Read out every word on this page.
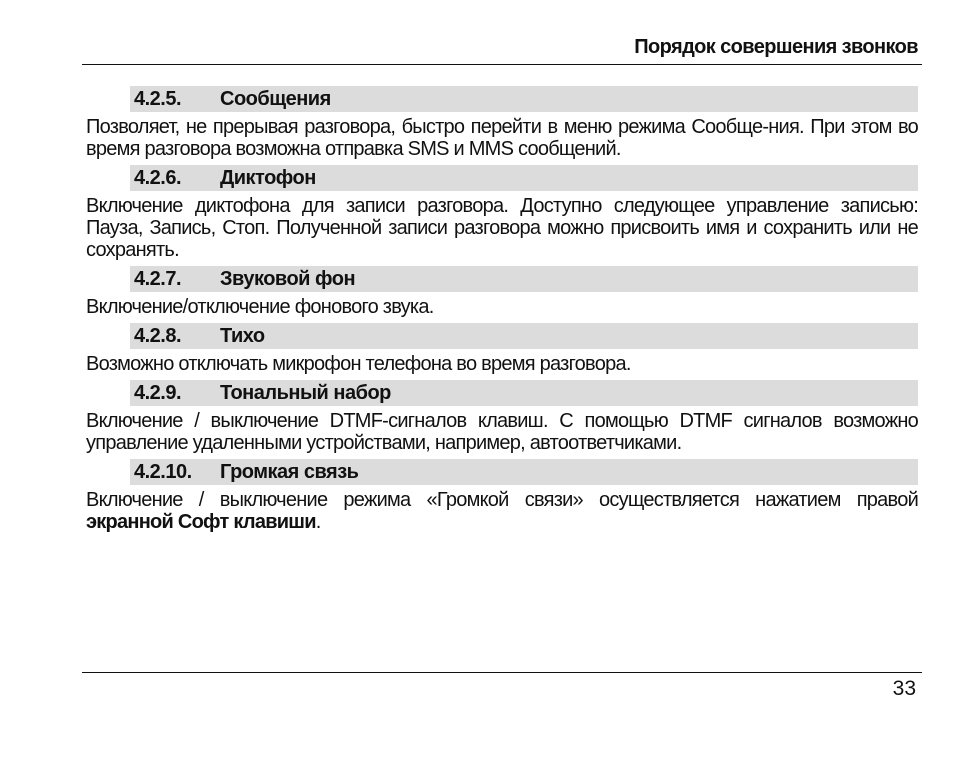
Порядок совершения звонков
4.2.5. Сообщения

Позволяет, не прерывая разговора, быстро перейти в меню режима Сообще-ния. При этом во время разговора возможна отправка SMS и MMS сообщений.

4.2.6. Диктофон

Включение диктофона для записи разговора. Доступно следующее управление записью: Пауза, Запись, Стоп. Полученной записи разговора можно присвоить имя и сохранить или не сохранять.

4.2.7. Звуковой фон

Включение/отключение фонового звука.

4.2.8. Тихо

Возможно отключать микрофон телефона во время разговора.

4.2.9. Тональный набор

Включение / выключение DTMF-сигналов клавиш. С помощью DTMF сигналов возможно управление удаленными устройствами, например, автоответчиками.

4.2.10. Громкая связь

Включение / выключение режима «Громкой связи» осуществляется нажатием правой экранной Софт клавиши.

33
